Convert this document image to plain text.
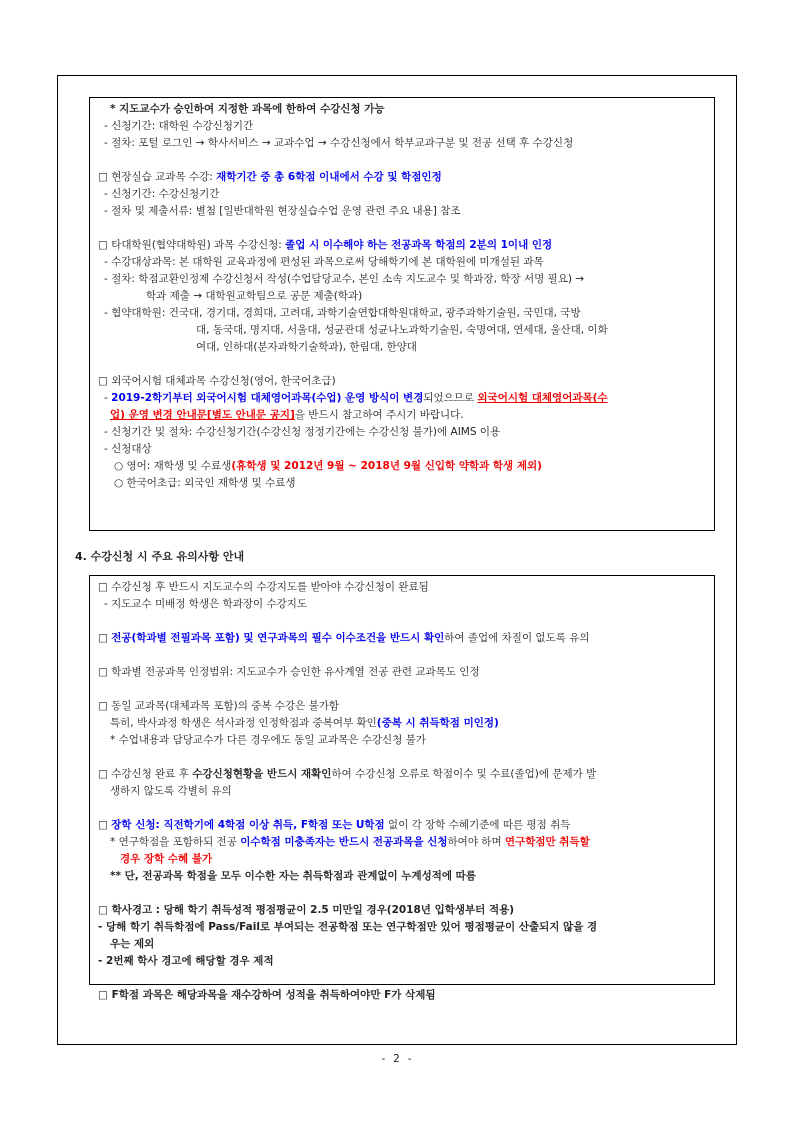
* 지도교수가 승인하여 지정한 과목에 한하여 수강신청 가능
- 신청기간: 대학원 수강신청기간
- 절차: 포털 로그인 → 학사서비스 → 교과수업 → 수강신청에서 학부교과구분 및 전공 선택 후 수강신청
□ 현장실습 교과목 수강: 재학기간 중 총 6학점 이내에서 수강 및 학점인정
- 신청기간: 수강신청기간
- 절차 및 제출서류: 별첨 [일반대학원 현장실습수업 운영 관련 주요 내용] 참조
□ 타대학원(협약대학원) 과목 수강신청: 졸업 시 이수해야 하는 전공과목 학점의 2분의 1이내 인정
- 수강대상과목: 본 대학원 교육과정에 편성된 과목으로써 당해학기에 본 대학원에 미개설된 과목
- 절차: 학점교환인정제 수강신청서 작성(수업담당교수, 본인 소속 지도교수 및 학과장, 학장 서명 필요) →
학과 제출 → 대학원교학팀으로 공문 제출(학과)
- 협약대학원: 건국대, 경기대, 경희대, 고려대, 과학기술연합대학원대학교, 광주과학기술원, 국민대, 국방
대, 동국대, 명지대, 서울대, 성균관대 성균나노과학기술원, 숙명여대, 연세대, 울산대, 이화
여대, 인하대(분자과학기술학과), 한림대, 한양대
□ 외국어시험 대체과목 수강신청(영어, 한국어초급)
- 2019-2학기부터 외국어시험 대체영어과목(수업) 운영 방식이 변경되었으므로 외국어시험 대체영어과목(수
업) 운영 변경 안내문[별도 안내문 공지]을 반드시 참고하여 주시기 바랍니다.
- 신청기간 및 절차: 수강신청기간(수강신청 정정기간에는 수강신청 불가)에 AIMS 이용
- 신청대상
○ 영어: 재학생 및 수료생(휴학생 및 2012년 9월 ~ 2018년 9월 신입학 약학과 학생 제외)
○ 한국어초급: 외국인 재학생 및 수료생
4. 수강신청 시 주요 유의사항 안내
□ 수강신청 후 반드시 지도교수의 수강지도를 받아야 수강신청이 완료됨
- 지도교수 미배정 학생은 학과장이 수강지도
□ 전공(학과별 전필과목 포함) 및 연구과목의 필수 이수조건을 반드시 확인하여 졸업에 차질이 없도록 유의
□ 학과별 전공과목 인정범위: 지도교수가 승인한 유사계열 전공 관련 교과목도 인정
□ 동일 교과목(대체과목 포함)의 중복 수강은 불가함
특히, 박사과정 학생은 석사과정 인정학점과 중복여부 확인(중복 시 취득학점 미인정)
* 수업내용과 담당교수가 다른 경우에도 동일 교과목은 수강신청 불가
□ 수강신청 완료 후 수강신청현황을 반드시 재확인하여 수강신청 오류로 학점이수 및 수료(졸업)에 문제가 발
생하지 않도록 각별히 유의
□ 장학 신청: 직전학기에 4학점 이상 취득, F학점 또는 U학점 없이 각 장학 수혜기준에 따른 평점 취득
* 연구학점을 포함하되 전공 이수학점 미충족자는 반드시 전공과목을 신청하여야 하며 연구학점만 취득할
경우 장학 수혜 불가
** 단, 전공과목 학점을 모두 이수한 자는 취득학점과 관계없이 누계성적에 따름
□ 학사경고 : 당해 학기 취득성적 평점평균이 2.5 미만일 경우(2018년 입학생부터 적용)
- 당해 학기 취득학점에 Pass/Fail로 부여되는 전공학점 또는 연구학점만 있어 평점평균이 산출되지 않을 경
우는 제외
- 2번째 학사 경고에 해당할 경우 제적
□ F학점 과목은 해당과목을 재수강하여 성적을 취득하여야만 F가 삭제됨
- 2 -
